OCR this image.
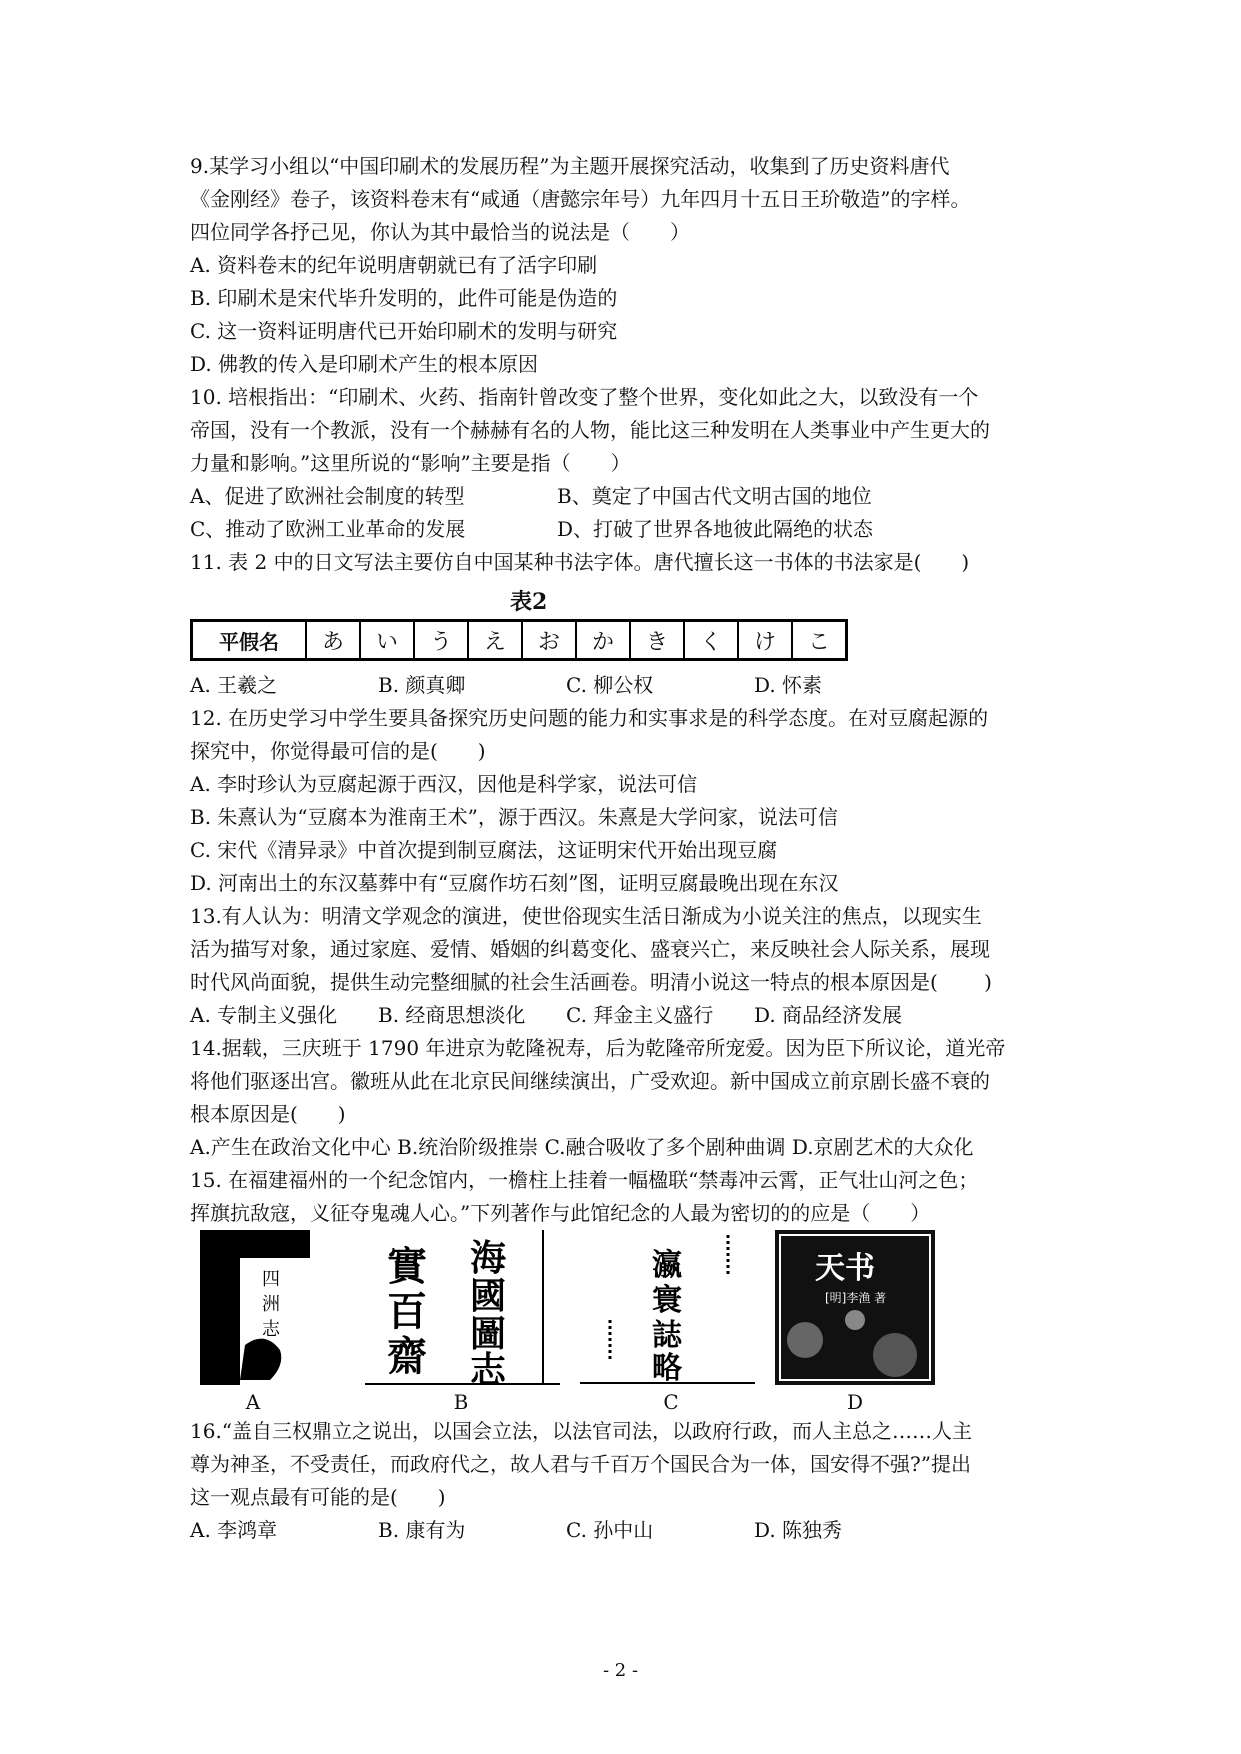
9.某学习小组以“中国印刷术的发展历程”为主题开展探究活动，收集到了历史资料唐代
《金刚经》卷子，该资料卷末有“咸通（唐懿宗年号）九年四月十五日王玠敬造”的字样。
四位同学各抒己见，你认为其中最恰当的说法是（　　）
A. 资料卷末的纪年说明唐朝就已有了活字印刷
B. 印刷术是宋代毕升发明的，此件可能是伪造的
C. 这一资料证明唐代已开始印刷术的发明与研究
D. 佛教的传入是印刷术产生的根本原因
10. 培根指出：“印刷术、火药、指南针曾改变了整个世界，变化如此之大，以致没有一个
帝国，没有一个教派，没有一个赫赫有名的人物，能比这三种发明在人类事业中产生更大的
力量和影响。”这里所说的“影响”主要是指（　　）
A、促进了欧洲社会制度的转型	B、奠定了中国古代文明古国的地位
C、推动了欧洲工业革命的发展	D、打破了世界各地彼此隔绝的状态
11. 表 2 中的日文写法主要仿自中国某种书法字体。唐代擅长这一书体的书法家是(　　)
表2
平假名	あ	い	う	え	お	か	き	く	け	こ
A. 王羲之	B. 颜真卿	C. 柳公权	D. 怀素
12. 在历史学习中学生要具备探究历史问题的能力和实事求是的科学态度。在对豆腐起源的
探究中，你觉得最可信的是(　　)
A. 李时珍认为豆腐起源于西汉，因他是科学家，说法可信
B. 朱熹认为“豆腐本为淮南王术”，源于西汉。朱熹是大学问家，说法可信
C. 宋代《清异录》中首次提到制豆腐法，这证明宋代开始出现豆腐
D. 河南出土的东汉墓葬中有“豆腐作坊石刻”图，证明豆腐最晚出现在东汉
13.有人认为：明清文学观念的演进，使世俗现实生活日渐成为小说关注的焦点，以现实生
活为描写对象，通过家庭、爱情、婚姻的纠葛变化、盛衰兴亡，来反映社会人际关系，展现
时代风尚面貌，提供生动完整细腻的社会生活画卷。明清小说这一特点的根本原因是(　　 )
A. 专制主义强化	B. 经商思想淡化	C. 拜金主义盛行	D. 商品经济发展
14.据载，三庆班于 1790 年进京为乾隆祝寿，后为乾隆帝所宠爱。因为臣下所议论，道光帝
将他们驱逐出宫。徽班从此在北京民间继续演出，广受欢迎。新中国成立前京剧长盛不衰的
根本原因是(　　)
A.产生在政治文化中心 B.统治阶级推崇 C.融合吸收了多个剧种曲调 D.京剧艺术的大众化
15. 在福建福州的一个纪念馆内，一檐柱上挂着一幅楹联“禁毒冲云霄，正气壮山河之色；
挥旗抗敌寇，义征夺鬼魂人心。”下列著作与此馆纪念的人最为密切的的应是（　　）
四
洲
志
A
實
百
齋
海
國
圖
志
B
瀛
寰
誌
略
C
天书
[明]李渔 著
D
16.“盖自三权鼎立之说出，以国会立法，以法官司法，以政府行政，而人主总之……人主
尊为神圣，不受责任，而政府代之，故人君与千百万个国民合为一体，国安得不强?”提出
这一观点最有可能的是(　　)
A. 李鸿章	B. 康有为	C. 孙中山	D. 陈独秀
- 2 -
